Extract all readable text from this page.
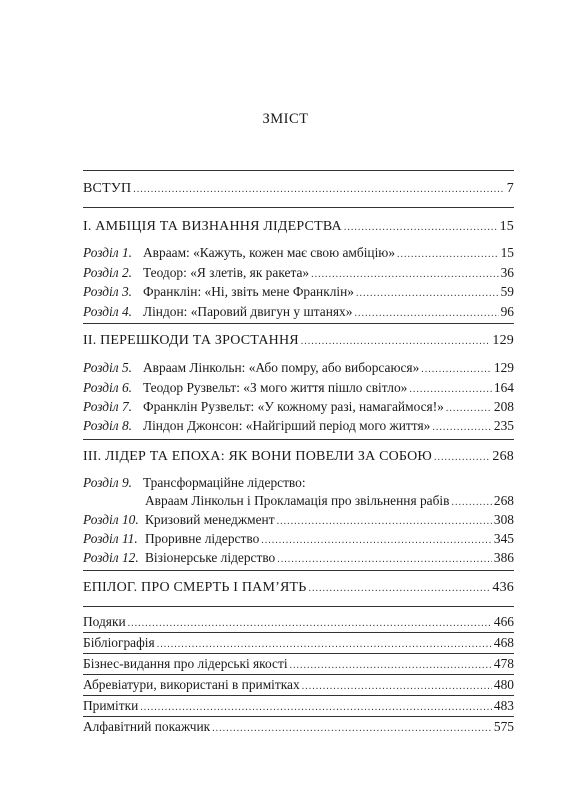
ЗМІСТ
ВСТУП .....	7
I. АМБІЦІЯ ТА ВИЗНАННЯ ЛІДЕРСТВА .....	15
Розділ 1. Авраам: «Кажуть, кожен має свою амбіцію» .....	15
Розділ 2. Теодор: «Я злетів, як ракета» .....	36
Розділ 3. Франклін: «Ні, звіть мене Франклін» .....	59
Розділ 4. Ліндон: «Паровий двигун у штанях» .....	96
II. ПЕРЕШКОДИ ТА ЗРОСТАННЯ .....	129
Розділ 5. Авраам Лінкольн: «Або помру, або виборсаюся» .....	129
Розділ 6. Теодор Рузвельт: «З мого життя пішло світло» .....	164
Розділ 7. Франклін Рузвельт: «У кожному разі, намагаймося!» .....	208
Розділ 8. Ліндон Джонсон: «Найгірший період мого життя» .....	235
III. ЛІДЕР ТА ЕПОХА: ЯК ВОНИ ПОВЕЛИ ЗА СОБОЮ .....	268
Розділ 9. Трансформаційне лідерство:
Авраам Лінкольн і Прокламація про звільнення рабів .....	268
Розділ 10. Кризовий менеджмент .....	308
Розділ 11. Проривне лідерство .....	345
Розділ 12. Візіонерське лідерство .....	386
ЕПІЛОГ. ПРО СМЕРТЬ І ПАМ’ЯТЬ .....	436
Подяки .....	466
Бібліографія .....	468
Бізнес-видання про лідерські якості .....	478
Абревіатури, використані в примітках .....	480
Примітки .....	483
Алфавітний покажчик .....	575
